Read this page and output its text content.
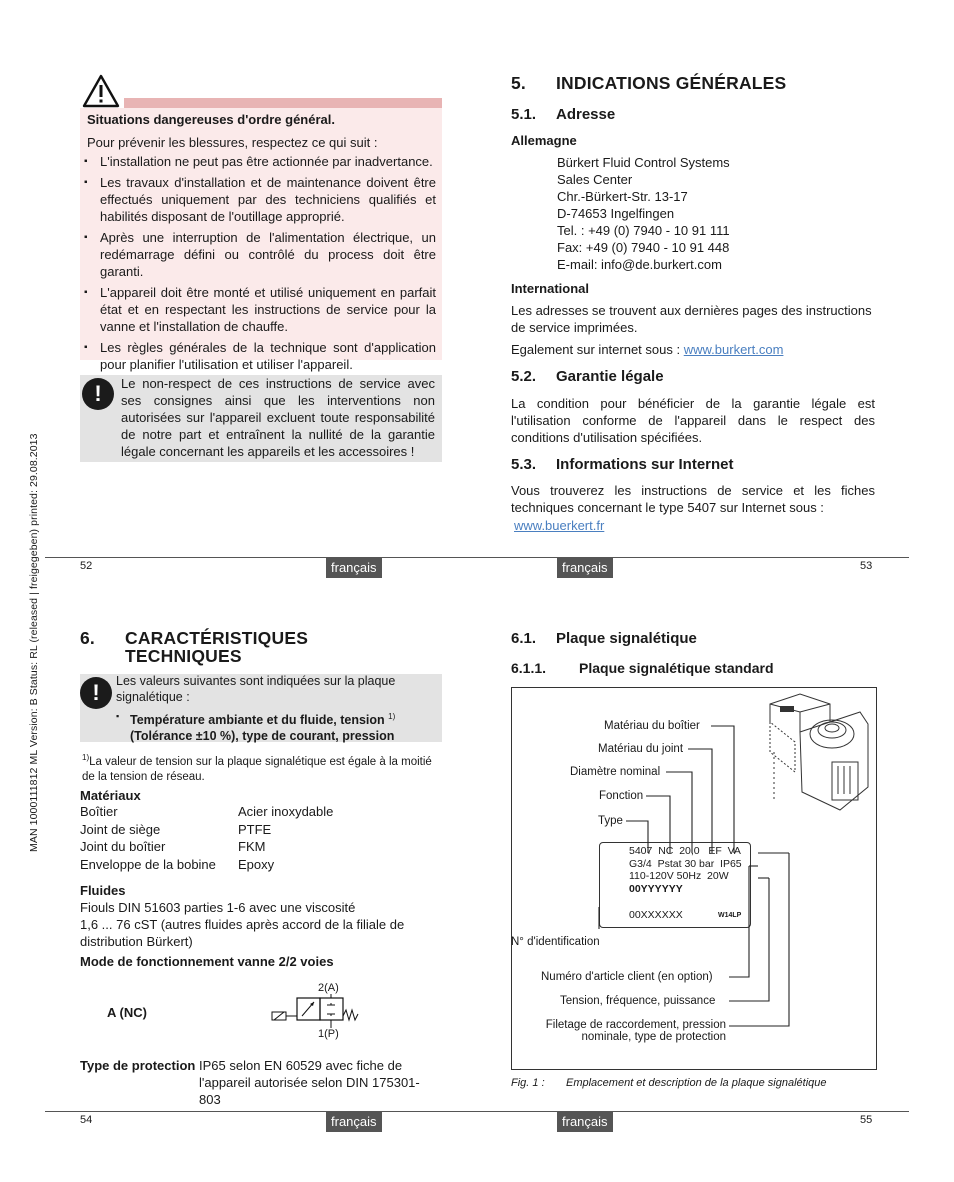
MAN 1000111812 ML Version: B Status: RL (released | freigegeben) printed: 29.08.2013
Situations dangereuses d'ordre général.
Pour prévenir les blessures, respectez ce qui suit :
▪ L'installation ne peut pas être actionnée par inadvertance.
▪ Les travaux d'installation et de maintenance doivent être effectués uniquement par des techniciens qualifiés et habilités disposant de l'outillage approprié.
▪ Après une interruption de l'alimentation électrique, un redémarrage défini ou contrôlé du process doit être garanti.
▪ L'appareil doit être monté et utilisé uniquement en parfait état et en respectant les instructions de service pour la vanne et l'installation de chauffe.
▪ Les règles générales de la technique sont d'application pour planifier l'utilisation et utiliser l'appareil.
!	Le non-respect de ces instructions de service avec ses consignes ainsi que les interventions non autorisées sur l'appareil excluent toute responsabilité de notre part et entraînent la nullité de la garantie légale concernant les appareils et les accessoires !
5. INDICATIONS GÉNÉRALES
5.1. Adresse
Allemagne
Bürkert Fluid Control Systems
Sales Center
Chr.-Bürkert-Str. 13-17
D-74653 Ingelfingen
Tel. : +49 (0) 7940 - 10 91 111
Fax: +49 (0) 7940 - 10 91 448
E-mail: info@de.burkert.com
International
Les adresses se trouvent aux dernières pages des instructions de service imprimées.
Egalement sur internet sous : www.burkert.com
5.2. Garantie légale
La condition pour bénéficier de la garantie légale est l'utilisation conforme de l'appareil dans le respect des conditions d'utilisation spécifiées.
5.3. Informations sur Internet
Vous trouverez les instructions de service et les fiches techniques concernant le type 5407 sur Internet sous :
www.buerkert.fr
52	français	français	53
6. CARACTÉRISTIQUES
TECHNIQUES
!	Les valeurs suivantes sont indiquées sur la plaque signalétique :
▪ Température ambiante et du fluide, tension $^{1)}$
(Tolérance ±10 %), type de courant, pression
$^{1)}$La valeur de tension sur la plaque signalétique est égale à la moitié de la tension de réseau.
Matériaux
Boîtier	Acier inoxydable
Joint de siège	PTFE
Joint du boîtier	FKM
Enveloppe de la bobine	Epoxy
Fluides
Fiouls DIN 51603 parties 1-6 avec une viscosité
1,6 ... 76 cST (autres fluides après accord de la filiale de distribution Bürkert)
Mode de fonctionnement vanne 2/2 voies
A (NC)
2(A)
1(P)
Type de protection IP65 selon EN 60529 avec fiche de l'appareil autorisée selon DIN 175301-803
6.1. Plaque signalétique
6.1.1. Plaque signalétique standard
5407  NC  20,0   EF  VA
G3/4  Pstat 30 bar  IP65
110-120V 50Hz  20W
00YYYYYY
00XXXXXX	W14LP
Matériau du boîtier
Matériau du joint
Diamètre nominal
Fonction
Type
N° d'identification
Numéro d'article client (en option)
Tension, fréquence, puissance
Filetage de raccordement, pression
nominale, type de protection
Fig. 1 : Emplacement et description de la plaque signalétique
54	français	français	55
